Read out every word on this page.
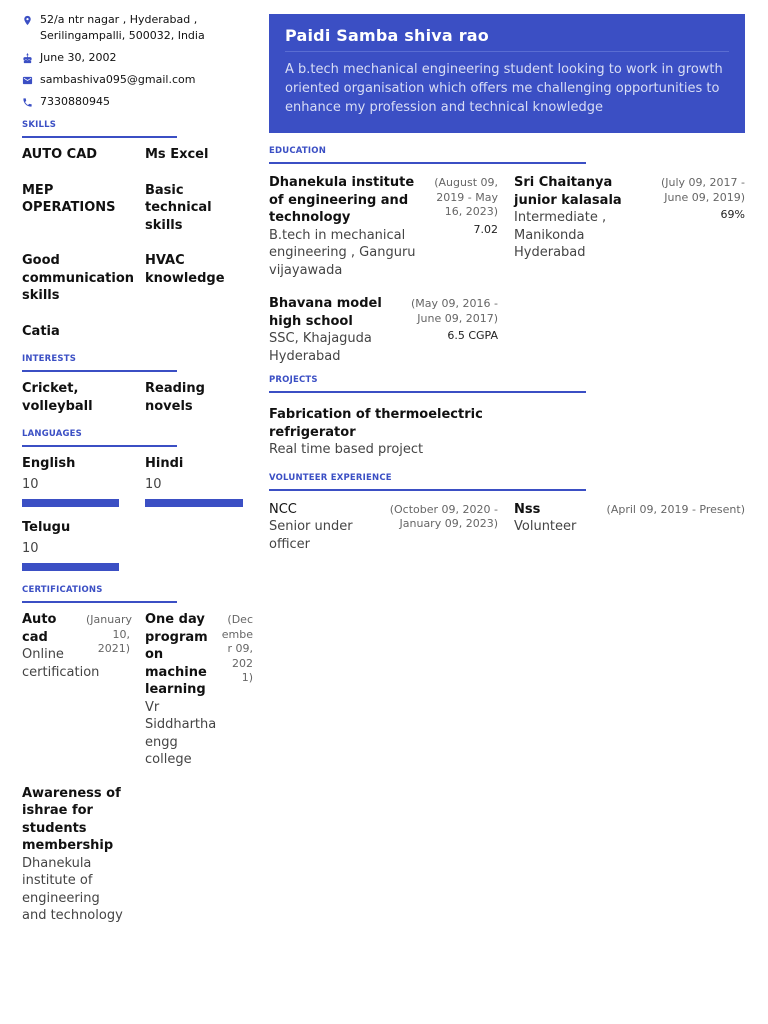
52/a ntr nagar , Hyderabad , Serilingampalli, 500032, India
June 30, 2002
sambashiva095@gmail.com
7330880945
SKILLS
AUTO CAD	Ms Excel
MEP OPERATIONS
Basic technical skills
Good communication skills
HVAC knowledge
Catia
INTERESTS
Cricket, volleyball
Reading novels
LANGUAGES
English
10
Hindi
10
Telugu
10
CERTIFICATIONS
Auto cad
Online certification
(January 10, 2021)
One day program on machine learning
Vr Siddhartha engg college
(December 09, 2021)
Awareness of ishrae for students membership
Dhanekula institute of engineering and technology
Paidi Samba shiva rao
A b.tech mechanical engineering student looking to work in growth oriented organisation which offers me challenging opportunities to enhance my profession and technical knowledge
EDUCATION
Dhanekula institute of engineering and technology
B.tech in mechanical engineering , Ganguru vijayawada
(August 09, 2019 - May 16, 2023)
7.02
Sri Chaitanya junior kalasala
Intermediate , Manikonda Hyderabad
(July 09, 2017 - June 09, 2019)
69%
Bhavana model high school
SSC, Khajaguda Hyderabad
(May 09, 2016 - June 09, 2017)
6.5 CGPA
PROJECTS
Fabrication of thermoelectric refrigerator
Real time based project
VOLUNTEER EXPERIENCE
NCC
Senior under officer
(October 09, 2020 - January 09, 2023)
Nss
Volunteer
(April 09, 2019 - Present)
